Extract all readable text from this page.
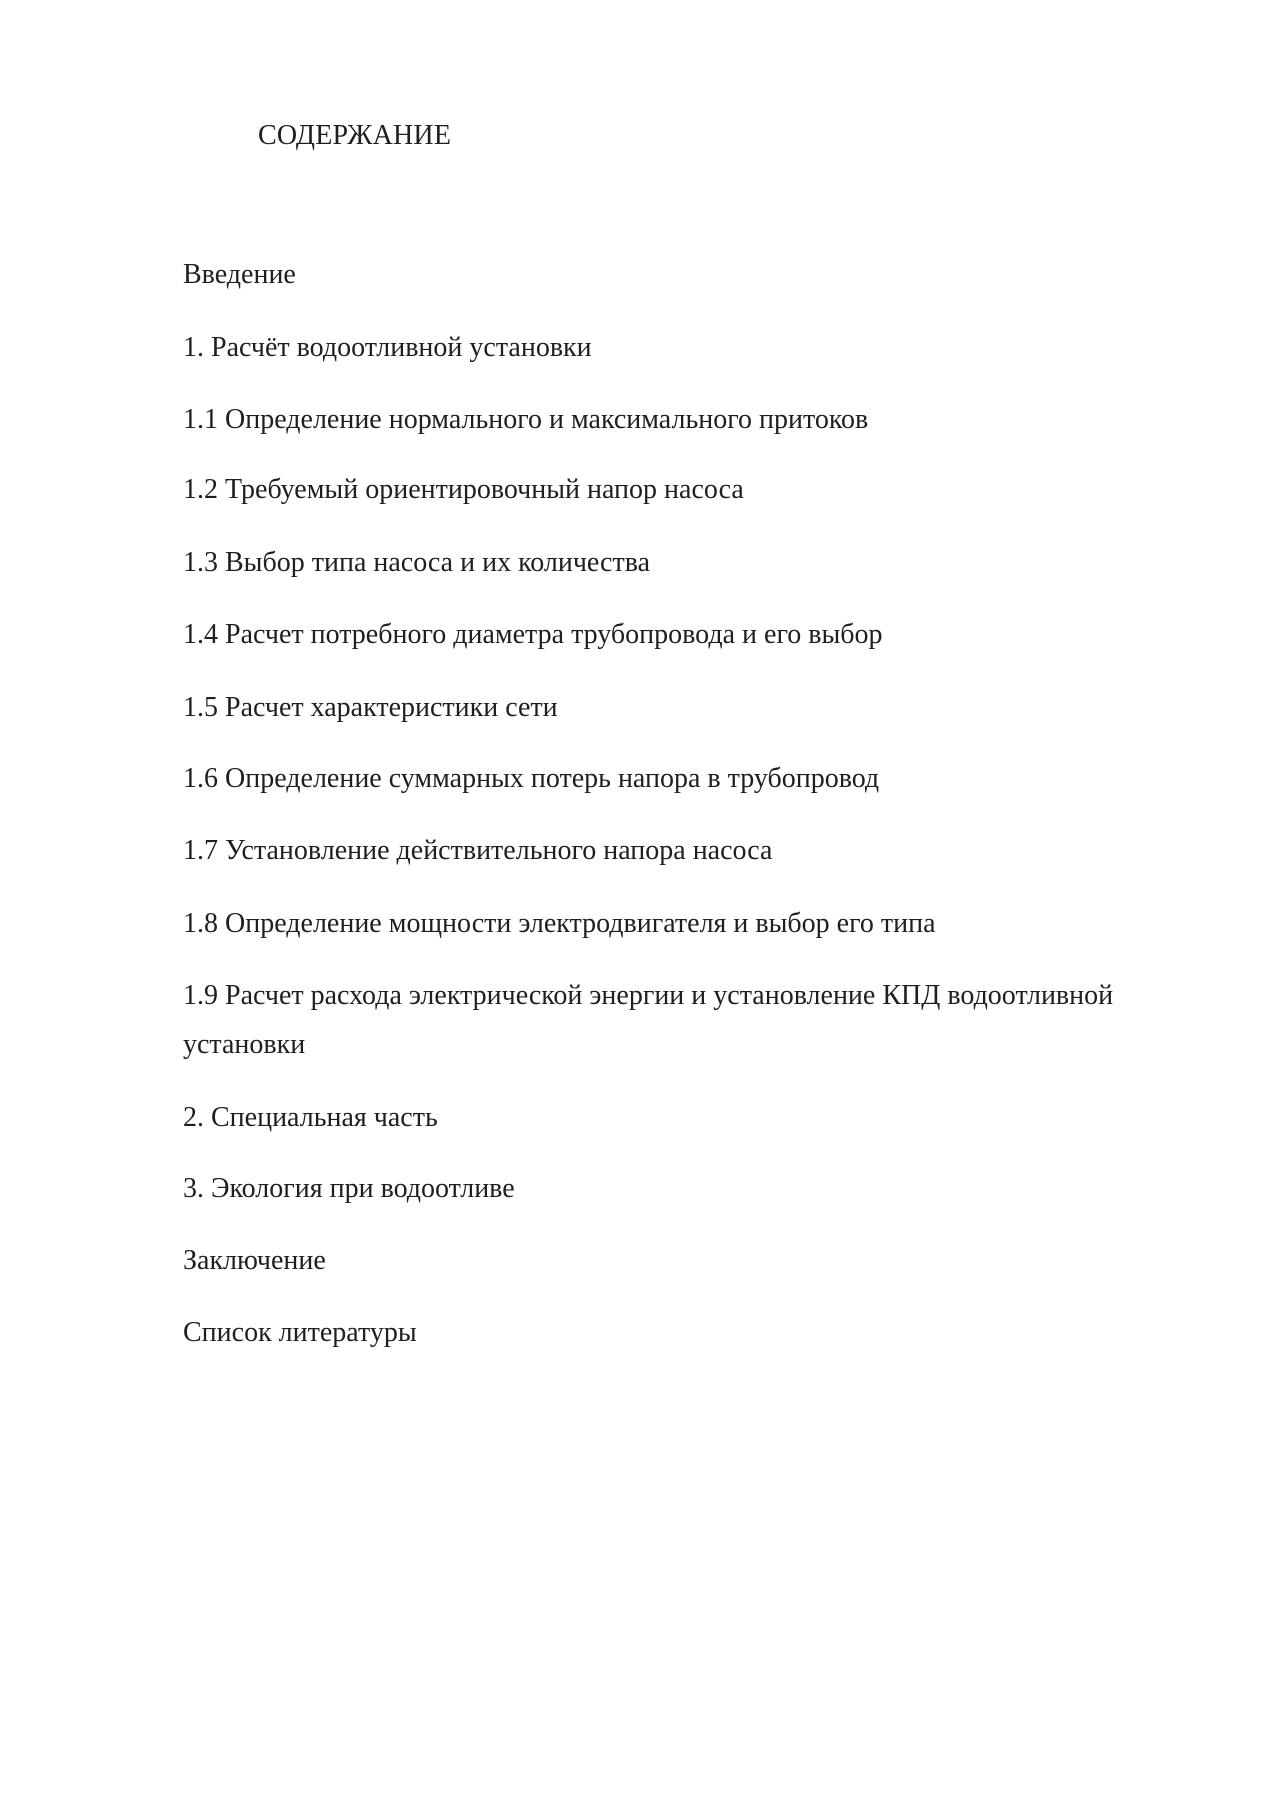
СОДЕРЖАНИЕ
Введение
1. Расчёт водоотливной установки
1.1 Определение нормального и максимального притоков
1.2 Требуемый ориентировочный напор насоса
1.3 Выбор типа насоса и их количества
1.4 Расчет потребного диаметра трубопровода и его выбор
1.5 Расчет характеристики сети
1.6 Определение суммарных потерь напора в трубопровод
1.7 Установление действительного напора насоса
1.8 Определение мощности электродвигателя и выбор его типа
1.9 Расчет расхода электрической энергии и установление КПД водоотливной установки
2. Специальная часть
3. Экология при водоотливе
Заключение
Список литературы
